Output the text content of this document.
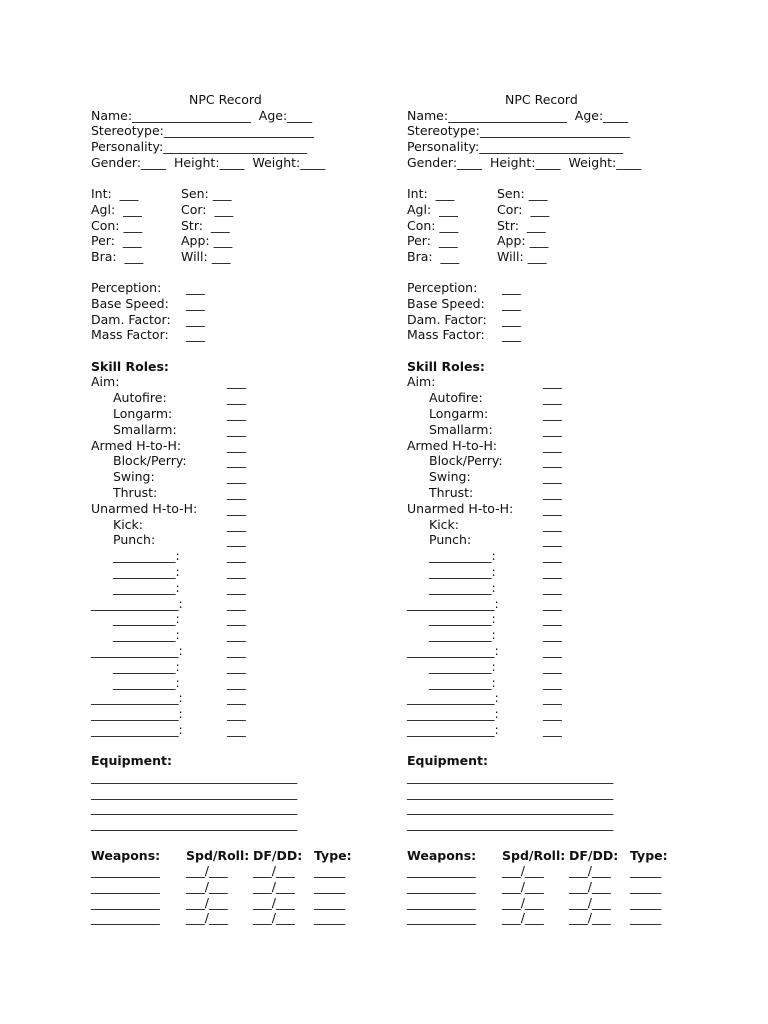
NPC Record
Name:___________________  Age:____
Stereotype:________________________
Personality:_______________________
Gender:____  Height:____  Weight:____
Int:  ___	Sen: ___
Agl:  ___	Cor:  ___
Con: ___	Str:  ___
Per:  ___	App: ___
Bra:  ___	Will: ___
Perception:	___
Base Speed:	___
Dam. Factor:	___
Mass Factor:	___
Skill Roles:
Aim:	___
Autofire:	___
Longarm:	___
Smallarm:	___
Armed H-to-H:	___
Block/Perry:	___
Swing:	___
Thrust:	___
Unarmed H-to-H:	___
Kick:	___
Punch:	___
__________:	___
__________:	___
__________:	___
______________:	___
__________:	___
__________:	___
______________:	___
__________:	___
__________:	___
______________:	___
______________:	___
______________:	___
Equipment:
_________________________________
_________________________________
_________________________________
_________________________________
Weapons:	Spd/Roll: DF/DD: Type:
___________	___/___	___/___	_____
___________	___/___	___/___	_____
___________	___/___	___/___	_____
___________	___/___	___/___	_____
NPC Record
Name:___________________  Age:____
Stereotype:________________________
Personality:_______________________
Gender:____  Height:____  Weight:____
Int:  ___	Sen: ___
Agl:  ___	Cor:  ___
Con: ___	Str:  ___
Per:  ___	App: ___
Bra:  ___	Will: ___
Perception:	___
Base Speed:	___
Dam. Factor:	___
Mass Factor:	___
Skill Roles:
Aim:	___
Autofire:	___
Longarm:	___
Smallarm:	___
Armed H-to-H:	___
Block/Perry:	___
Swing:	___
Thrust:	___
Unarmed H-to-H:	___
Kick:	___
Punch:	___
__________:	___
__________:	___
__________:	___
______________:	___
__________:	___
__________:	___
______________:	___
__________:	___
__________:	___
______________:	___
______________:	___
______________:	___
Equipment:
_________________________________
_________________________________
_________________________________
_________________________________
Weapons:	Spd/Roll: DF/DD: Type:
___________	___/___	___/___	_____
___________	___/___	___/___	_____
___________	___/___	___/___	_____
___________	___/___	___/___	_____
